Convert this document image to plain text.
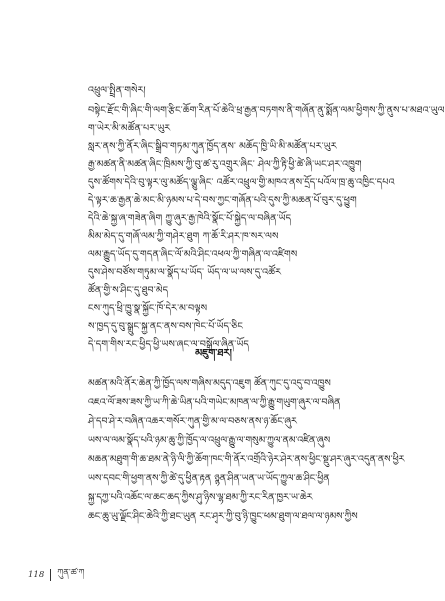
འཕྲུལ་སྤྲིན་གསེར།
བསྟེང་རྫོང་གི་ཞིང་གི་ལག་རྩིང་ཆོག་རིན་པོ་ཆེའི་ཕྲ་རྒྱན་བཏགས་ནི་གཞོན་ནུ་སྨོན་ལམ་ཕྱིགས་ཀྱི་ནུས་པ་མཐའ་ཡུལ
ག་ཡེར་མི་མཚོན་པར་ཡུར
སླར་ནས་ཀྱི་ནོར་ཞིང་སྒྲིབ་གཏམ་ཀུན་ཁྱོད་ནས་ མཆོད་ཁྱི་ཡི་མི་མཚོན་པར་ཡུར
རྒྱ་མཚན་ནི་མཚན་ཞིང་ཁྲིམས་ཀྱི་བུ་ཚ་རུ་འགྲུར་ཞིང་ ཤེལ་ཀྱི་རྟི་ཕྱི་ཚེ་ཞི་ཡང་ཤར་འཁྱུག
དུས་ཚོགས་དེའི་བུ་ལྟར་ལུ་མཚོད་ལྕུ་ཞིང་ འཚོར་འཕྲུལ་གྱི་མཁའ་ནས་དྲོད་པའོལ་ཁྲ་ཆུ་འཁྱིང་དཔའ
དེ་ལྟར་ཆ་རྒྱན་ཆེ་མང་མི་ཉམས་པ་དེ་བས་ཀྱང་གཞོན་པའི་དུས་ཀྱི་མཆན་པོ་བུར་དུ་ཕྱུག
དེའི་ཆེ་སྐྱ་ཞ་གཟེན་ཞིག ཀྱུ་ཞུར་རྒྱ་ཁེའི་སྣོང་པོ་སྐྱེད་ལ་བཞིན་ཡོད
མིམ་མེད་དུ་གཞོ་ལམ་ཀྱི་གཤེར་ཐུག ཀ་ཆོ་རི་ཤར་ཁ་སར་ལས
ལམ་རྒྱུད་ཡོད་དུ་གདན་ཞིང་ལོ་མའི་ཤིང་འཕལ་ཀྱི་གཞིན་ལ་འཛིགས
དུས་ཤེས་བཙོས་གཏུམ་ལ་སྣོད་པ་ཡོད་ ཡོད་ལ་ཡ་ལས་དུ་འཚོར
ཚོན་གྱི་ས་ཤིང་དུ་ཐུབ་མེད
ངས་ཀུད་ཕྲི་ཁྱུ་སྣ་སྐྱོང་ཁོ་དེར་མ་བལྟས
ས་ཁྱད་དུ་བུ་སྒྲུང་སྐྱ་ནང་ནས་བས་ཁེང་པོ་ཡོད་ཅིང
དེ་དག་གིས་རང་ཕྱིད་ཕྱི་ཡས་ཞང་ལ་བསྒྲོལ་ཞིན་ཡོད
མཇུག་ཐར།
མཚན་མའི་ནོར་ཆེན་ཀྱི་ཁྱོད་ལས་གཞིས་མདུད་འཇུག ཚོན་ཀུང་དུ་འདུ་བ་འཁྱུས
འཇའ་ལོ་ཟས་ཟས་ཀྱི་ཡ་ཀི་ཆེ་ཡིན་པའི་གཡེང་མཁན་ལ་ཀྱི་རྒྱུ་གཡུག་ཞུར་ལ་བཞིན
ཤེ་དབ་ཤེ་ར་བཞིན་འཆར་གསོར་ཀུན་གྱི་མ་ལ་བཅས་ནས་ཉ་ཆོང་ཞུར
ཡས་ལ་ལམ་སྣོད་པའི་ཉམ་ཆུ་ཀྱི་ཁྱོད་ལ་འཕྲུལ་རྒྱུ་ལ་གསུམ་ཀྱུལ་ནམ་འཛིན་ཞུས
མཆན་མཐུག་གི་ཆ་ཐམ་ནེ་ཉི་ལི་ཀྱི་ཆོག་ཁང་གི་ནོར་འགྲོའི་ཉེར་ཤེར་ནས་ཕྱིང་སྡུ་ཤར་ཞུར་འདུན་ནས་ཕྱིར
ཡས་དབང་གི་ཕྱག་ནས་ཀྱི་ཚེ་དུ་ཕྱིན་རྟན ཉྙན་ཤིན་ཡན་ཡ་ཡོད་ཀྱུལ་ཆ་ཤིང་ཕྱིན
སྐྱ་དཀྱ་པའི་འཆོང་ལ་ཆང་ཆད་ཀྱིས་ཤུ་ཉིས་ལྷ་ཐམ་ཀྱི་རང་རིན་ཁྱར་ཡ་ཆེར
ཆང་ཆུ་ཡུ་ལྗོང་ཤིང་ཆེའི་ཀྱི་ཐང་ཡུན རང་ཤྭར་ཀྱི་བུ་ཉི་ཁྱུང་ཕམ་ཐུག་ལ་ཐལ་ལ་ཉམས་ཀྱིས
118 ཀུན་ཚ་ཀ
